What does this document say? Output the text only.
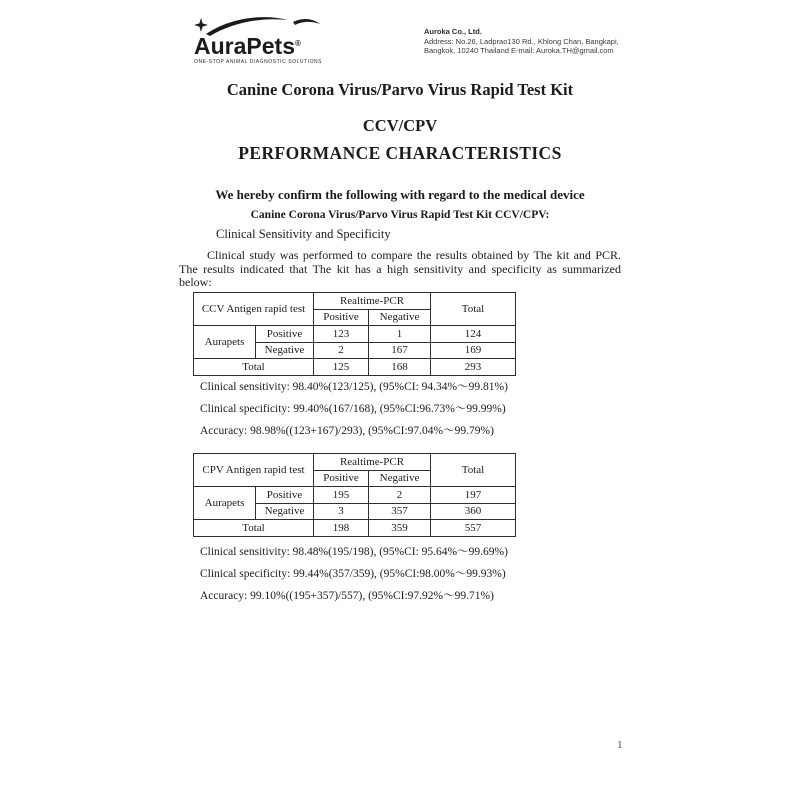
AuraPets®
ONE-STOP ANIMAL DIAGNOSTIC SOLUTIONS
Auroka Co., Ltd.
Address: No.26, Ladprao130 Rd., Khlong Chan, Bangkapi,
Bangkok, 10240 Thailand E-mail: Auroka.TH@gmail.com
Canine Corona Virus/Parvo Virus Rapid Test Kit
CCV/CPV
PERFORMANCE CHARACTERISTICS
We hereby confirm the following with regard to the medical device
Canine Corona Virus/Parvo Virus Rapid Test Kit CCV/CPV:
Clinical Sensitivity and Specificity
Clinical study was performed to compare the results obtained by The kit and PCR. The results indicated that The kit has a high sensitivity and specificity as summarized below:
CCV Antigen rapid test		Realtime-PCR		Total
		Positive	Negative	
Aurapets	Positive	123	1	124
	Negative	2	167	169
Total		125	168	293
Clinical sensitivity: 98.40%(123/125), (95%CI: 94.34%～99.81%)
Clinical specificity: 99.40%(167/168), (95%CI:96.73%～99.99%)
Accuracy: 98.98%((123+167)/293), (95%CI:97.04%～99.79%)
CPV Antigen rapid test		Realtime-PCR		Total
		Positive	Negative	
Aurapets	Positive	195	2	197
	Negative	3	357	360
Total		198	359	557
Clinical sensitivity: 98.48%(195/198), (95%CI: 95.64%～99.69%)
Clinical specificity: 99.44%(357/359), (95%CI:98.00%～99.93%)
Accuracy: 99.10%((195+357)/557), (95%CI:97.92%～99.71%)
1
